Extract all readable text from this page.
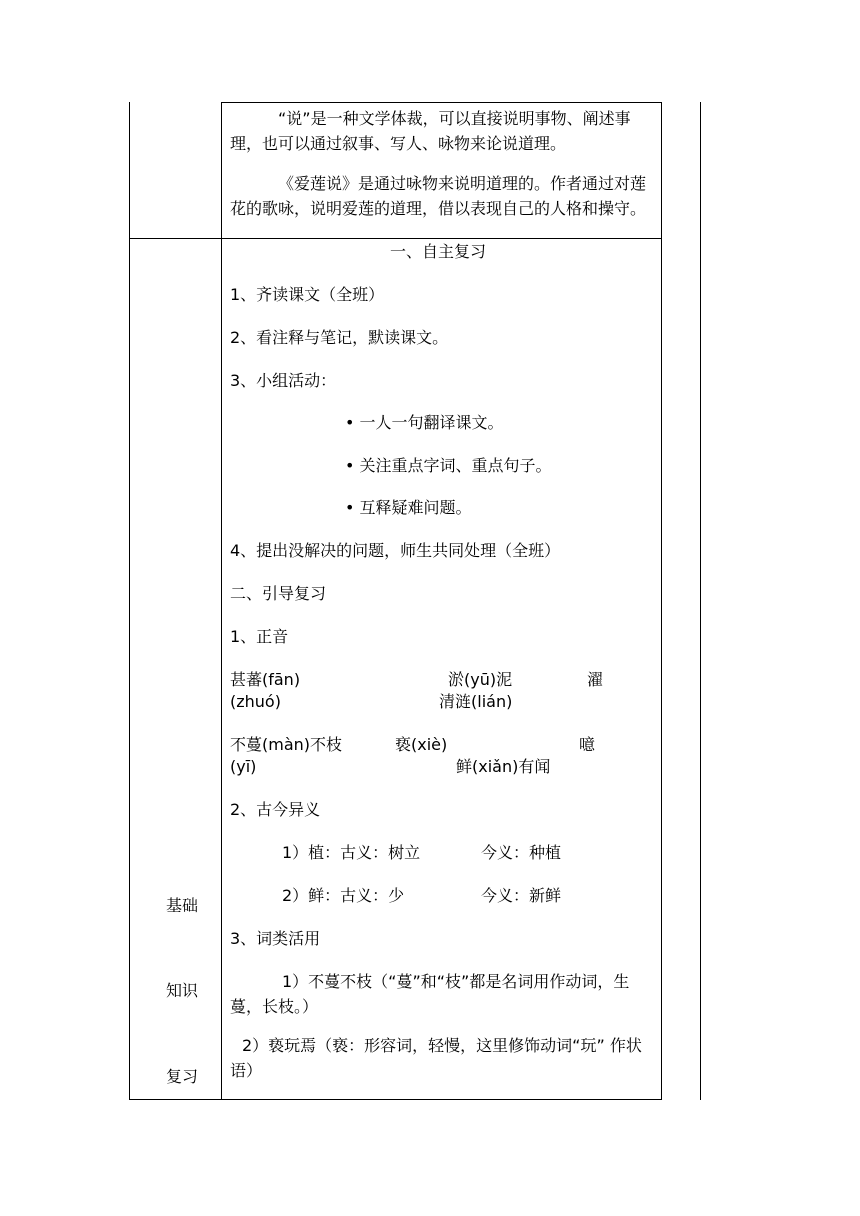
“说”是一种文学体裁，可以直接说明事物、阐述事理，也可以通过叙事、写人、咏物来论说道理。
《爱莲说》是通过咏物来说明道理的。作者通过对莲花的歌咏，说明爱莲的道理，借以表现自己的人格和操守。
基础
知识
复习
一、自主复习
1、齐读课文（全班）
2、看注释与笔记，默读课文。
3、小组活动：
• 一人一句翻译课文。
• 关注重点字词、重点句子。
• 互释疑难问题。
4、提出没解决的问题，师生共同处理（全班）
二、引导复习
1、正音
甚蕃(fān)	淤(yū)泥	濯
(zhuó)	清涟(lián)
不蔓(màn)不枝	亵(xiè)	噫
(yī)	鲜(xiǎn)有闻
2、古今异义
1）植：古义：树立	今义：种植
2）鲜：古义：少	今义：新鲜
3、词类活用
1）不蔓不枝（“蔓”和“枝”都是名词用作动词，生蔓，长枝。）
2）亵玩焉（亵：形容词，轻慢，这里修饰动词“玩” 作状语）
